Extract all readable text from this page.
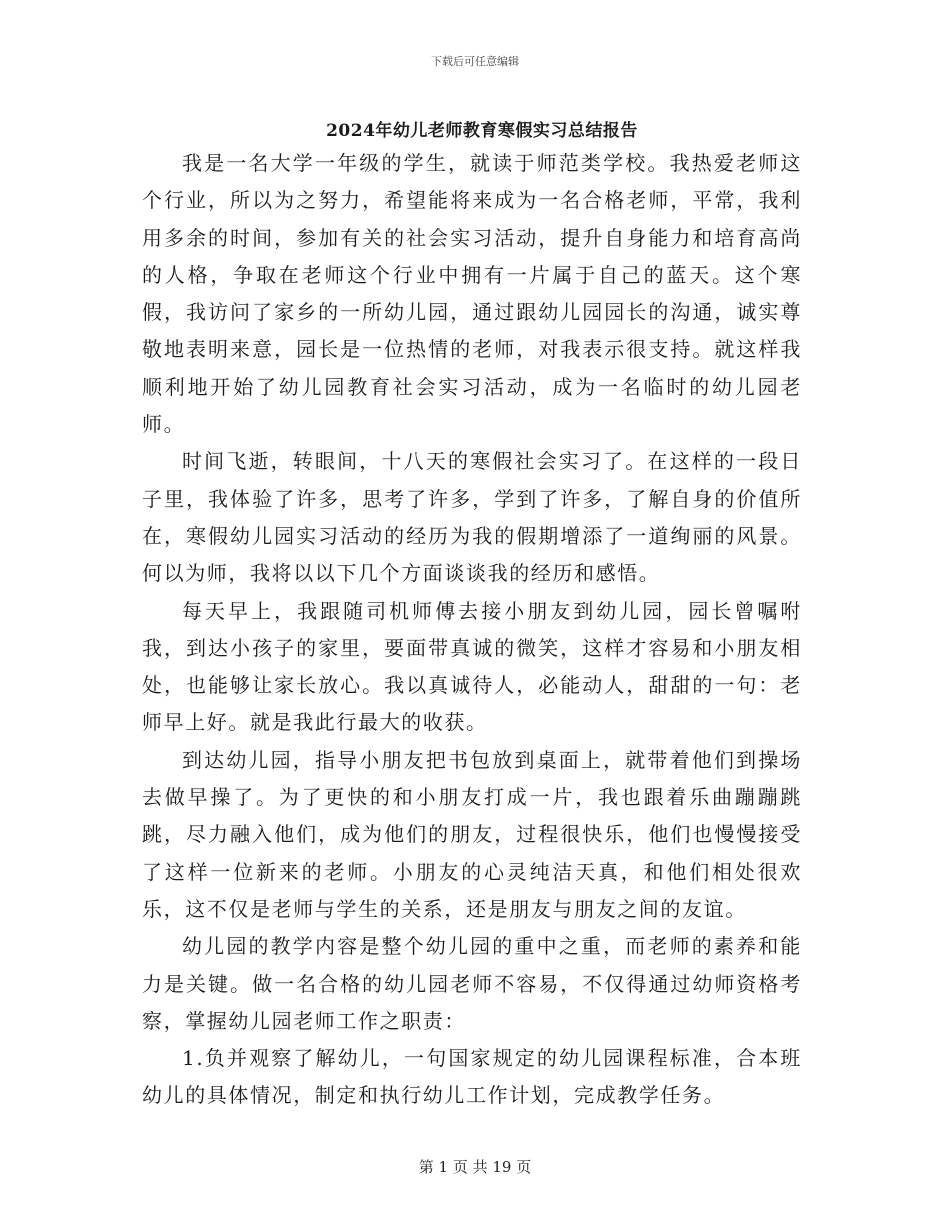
下载后可任意编辑
2024年幼儿老师教育寒假实习总结报告

我是一名大学一年级的学生，就读于师范类学校。我热爱老师这个行业，所以为之努力，希望能将来成为一名合格老师，平常，我利用多余的时间，参加有关的社会实习活动，提升自身能力和培育高尚的人格，争取在老师这个行业中拥有一片属于自己的蓝天。这个寒假，我访问了家乡的一所幼儿园，通过跟幼儿园园长的沟通，诚实尊敬地表明来意，园长是一位热情的老师，对我表示很支持。就这样我顺利地开始了幼儿园教育社会实习活动，成为一名临时的幼儿园老师。

时间飞逝，转眼间，十八天的寒假社会实习了。在这样的一段日子里，我体验了许多，思考了许多，学到了许多，了解自身的价值所在，寒假幼儿园实习活动的经历为我的假期增添了一道绚丽的风景。何以为师，我将以以下几个方面谈谈我的经历和感悟。

每天早上，我跟随司机师傅去接小朋友到幼儿园，园长曾嘱咐我，到达小孩子的家里，要面带真诚的微笑，这样才容易和小朋友相处，也能够让家长放心。我以真诚待人，必能动人，甜甜的一句：老师早上好。就是我此行最大的收获。

到达幼儿园，指导小朋友把书包放到桌面上，就带着他们到操场去做早操了。为了更快的和小朋友打成一片，我也跟着乐曲蹦蹦跳跳，尽力融入他们，成为他们的朋友，过程很快乐，他们也慢慢接受了这样一位新来的老师。小朋友的心灵纯洁天真，和他们相处很欢乐，这不仅是老师与学生的关系，还是朋友与朋友之间的友谊。

幼儿园的教学内容是整个幼儿园的重中之重，而老师的素养和能力是关键。做一名合格的幼儿园老师不容易，不仅得通过幼师资格考察，掌握幼儿园老师工作之职责：

1.负并观察了解幼儿，一句国家规定的幼儿园课程标准，合本班幼儿的具体情况，制定和执行幼儿工作计划，完成教学任务。

第 1 页 共 19 页
